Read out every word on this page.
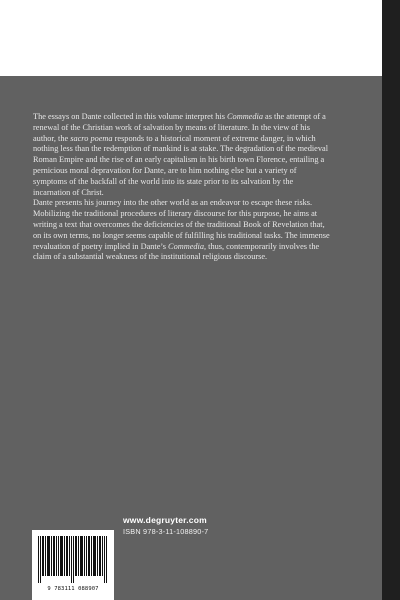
The essays on Dante collected in this volume interpret his Commedia as the attempt of a renewal of the Christian work of salvation by means of literature. In the view of his author, the sacro poema responds to a historical moment of extreme danger, in which nothing less than the redemption of mankind is at stake. The degradation of the medieval Roman Empire and the rise of an early capitalism in his birth town Florence, entailing a pernicious moral depravation for Dante, are to him nothing else but a variety of symptoms of the backfall of the world into its state prior to its salvation by the incarnation of Christ.

Dante presents his journey into the other world as an endeavor to escape these risks. Mobilizing the traditional procedures of literary discourse for this purpose, he aims at writing a text that overcomes the deficiencies of the traditional Book of Revelation that, on its own terms, no longer seems capable of fulfilling his traditional tasks. The immense revaluation of poetry implied in Dante’s Commedia, thus, contemporarily involves the claim of a substantial weakness of the institutional religious discourse.

9 783111 088907
www.degruyter.com
ISBN 978-3-11-108890-7
